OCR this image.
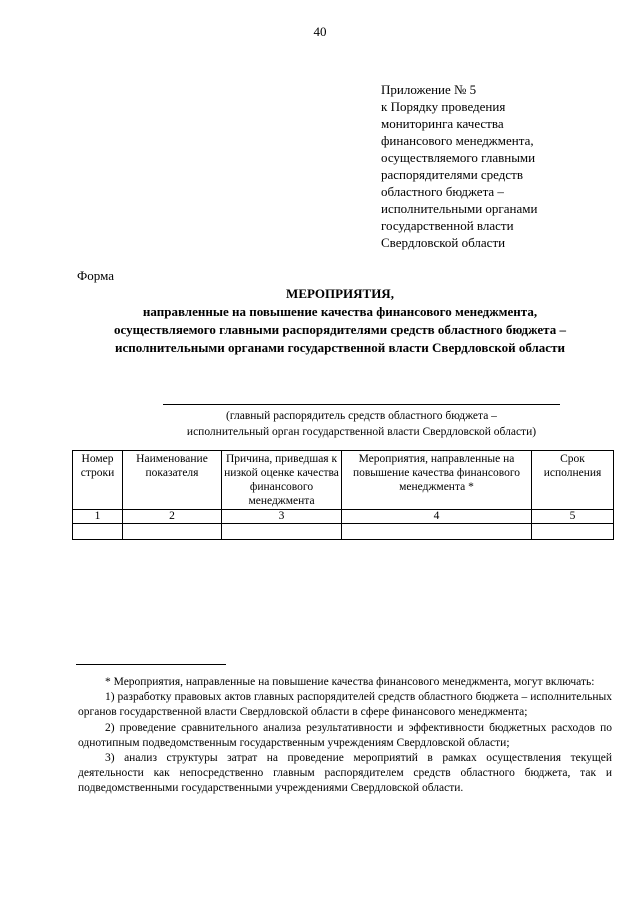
40
Приложение № 5
к Порядку проведения
мониторинга качества
финансового менеджмента,
осуществляемого главными
распорядителями средств
областного бюджета –
исполнительными органами
государственной власти
Свердловской области
Форма
МЕРОПРИЯТИЯ,
направленные на повышение качества финансового менеджмента,
осуществляемого главными распорядителями средств областного бюджета –
исполнительными органами государственной власти Свердловской области
(главный распорядитель средств областного бюджета –
исполнительный орган государственной власти Свердловской области)
Номер строки	Наименование показателя	Причина, приведшая к низкой оценке качества финансового менеджмента	Мероприятия, направленные на повышение качества финансового менеджмента *	Срок исполнения
1	2	3	4	5

* Мероприятия, направленные на повышение качества финансового менеджмента, могут включать:

1) разработку правовых актов главных распорядителей средств областного бюджета – исполнительных органов государственной власти Свердловской области в сфере финансового менеджмента;

2) проведение сравнительного анализа результативности и эффективности бюджетных расходов по однотипным подведомственным государственным учреждениям Свердловской области;

3) анализ структуры затрат на проведение мероприятий в рамках осуществления текущей деятельности как непосредственно главным распорядителем средств областного бюджета, так и подведомственными государственными учреждениями Свердловской области.
